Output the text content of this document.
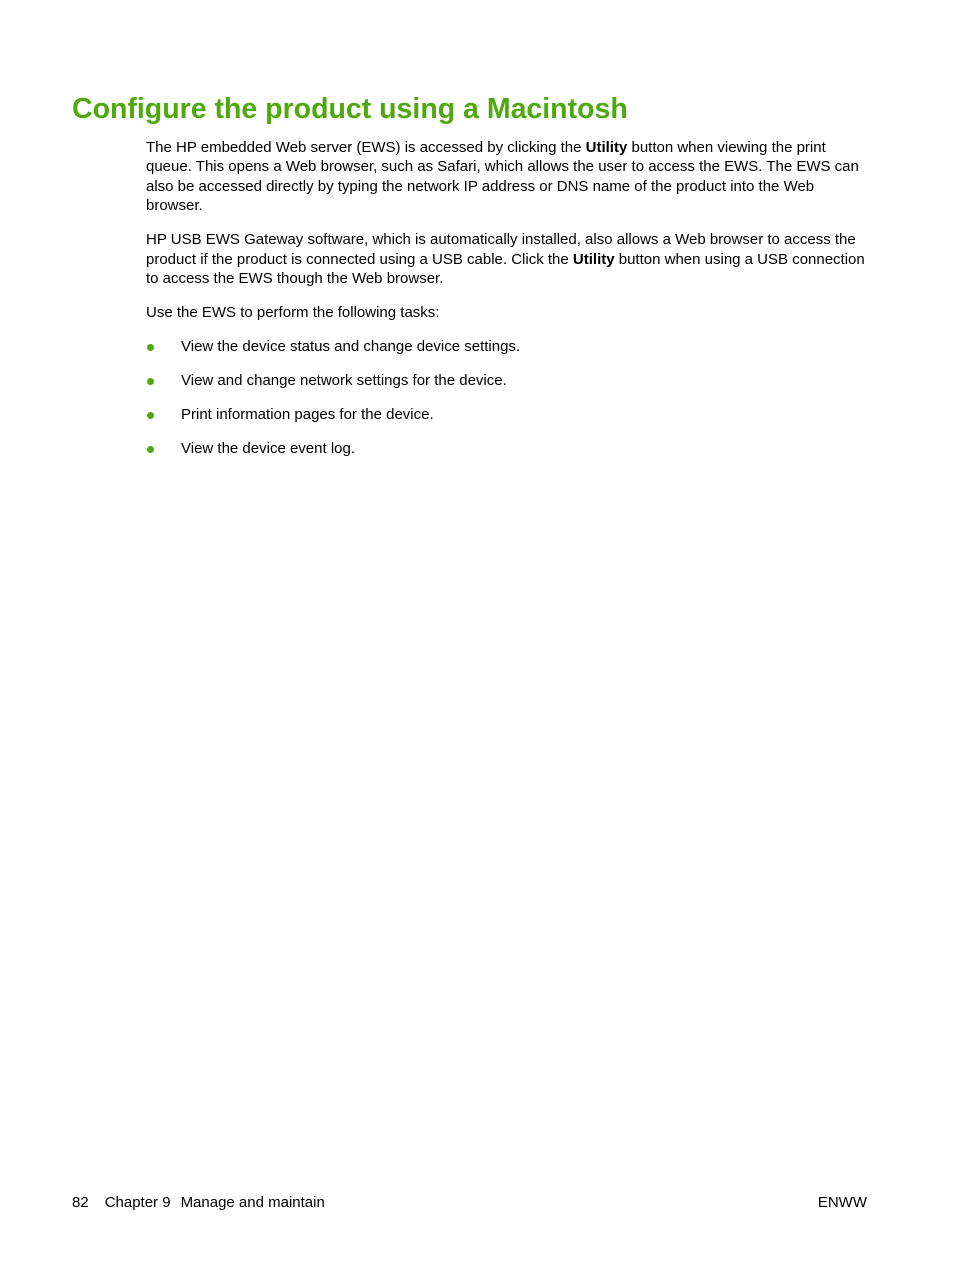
Configure the product using a Macintosh

The HP embedded Web server (EWS) is accessed by clicking the Utility button when viewing the print queue. This opens a Web browser, such as Safari, which allows the user to access the EWS. The EWS can also be accessed directly by typing the network IP address or DNS name of the product into the Web browser.

HP USB EWS Gateway software, which is automatically installed, also allows a Web browser to access the product if the product is connected using a USB cable. Click the Utility button when using a USB connection to access the EWS though the Web browser.

Use the EWS to perform the following tasks:

View the device status and change device settings.
View and change network settings for the device.
Print information pages for the device.
View the device event log.
82 Chapter 9 Manage and maintain	ENWW
